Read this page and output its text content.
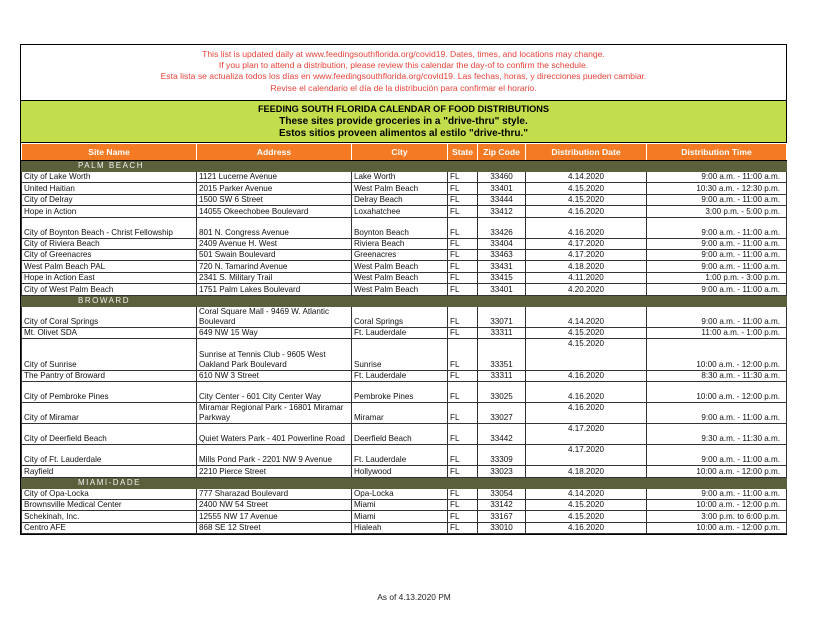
This list is updated daily at www.feedingsouthflorida.org/covid19. Dates, times, and locations may change.
If you plan to attend a distribution, please review this calendar the day-of to confirm the schedule.
Esta lista se actualiza todos los días en www.feedingsouthflorida.org/covid19. Las fechas, horas, y direcciones pueden cambiar.
Revise el calendario el día de la distribución para confirmar el horario.
FEEDING SOUTH FLORIDA CALENDAR OF FOOD DISTRIBUTIONS
These sites provide groceries in a "drive-thru" style.
Estos sitios proveen alimentos al estilo "drive-thru."
Site Name	Address	City	State	Zip Code	Distribution Date	Distribution Time
PALM BEACH						
City of Lake Worth	1121 Lucerne Avenue	Lake Worth	FL	33460	4.14.2020	9:00 a.m. - 11:00 a.m.
United Haitian	2015 Parker Avenue	West Palm Beach	FL	33401	4.15.2020	10:30 a.m. - 12:30 p.m.
City of Delray	1500 SW 6 Street	Delray Beach	FL	33444	4.15.2020	9:00 a.m. - 11:00 a.m.
Hope in Action	14055 Okeechobee Boulevard	Loxahatchee	FL	33412	4.16.2020	3:00 p.m. - 5:00 p.m.
City of Boynton Beach - Christ Fellowship	801 N. Congress Avenue	Boynton Beach	FL	33426	4.16.2020	9:00 a.m. - 11:00 a.m.
City of Riviera Beach	2409 Avenue H. West	Riviera Beach	FL	33404	4.17.2020	9:00 a.m. - 11:00 a.m.
City of Greenacres	501 Swain Boulevard	Greenacres	FL	33463	4.17.2020	9:00 a.m. - 11:00 a.m.
West Palm Beach PAL	720 N. Tamarind Avenue	West Palm Beach	FL	33431	4.18.2020	9:00 a.m. - 11:00 a.m.
Hope in Action East	2341 S. Military Trail	West Palm Beach	FL	33415	4.11.2020	1:00 p.m. - 3:00 p.m.
City of West Palm Beach	1751 Palm Lakes Boulevard	West Palm Beach	FL	33401	4.20.2020	9:00 a.m. - 11:00 a.m.
BROWARD						
City of Coral Springs	Coral Square Mall - 9469 W. Atlantic Boulevard	Coral Springs	FL	33071	4.14.2020	9:00 a.m. - 11:00 a.m.
Mt. Olivet SDA	649 NW 15 Way	Ft. Lauderdale	FL	33311	4.15.2020	11:00 a.m. - 1:00 p.m.
City of Sunrise	Sunrise at Tennis Club - 9605 West Oakland Park Boulevard	Sunrise	FL	33351	4.15.2020	10:00 a.m. - 12:00 p.m.
The Pantry of Broward	610 NW 3 Street	Ft. Lauderdale	FL	33311	4.16.2020	8:30 a.m. - 11:30 a.m.
City of Pembroke Pines	City Center - 601 City Center Way	Pembroke Pines	FL	33025	4.16.2020	10:00 a.m. - 12:00 p.m.
City of Miramar	Miramar Regional Park - 16801 Miramar Parkway	Miramar	FL	33027	4.16.2020	9:00 a.m. - 11:00 a.m.
City of Deerfield Beach	Quiet Waters Park - 401 Powerline Road	Deerfield Beach	FL	33442	4.17.2020	9:30 a.m. - 11:30 a.m.
City of Ft. Lauderdale	Mills Pond Park - 2201 NW 9 Avenue	Ft. Lauderdale	FL	33309	4.17.2020	9:00 a.m. - 11:00 a.m.
Rayfield	2210 Pierce Street	Hollywood	FL	33023	4.18.2020	10:00 a.m. - 12:00 p.m.
MIAMI-DADE						
City of Opa-Locka	777 Sharazad Boulevard	Opa-Locka	FL	33054	4.14.2020	9:00 a.m. - 11:00 a.m.
Brownsville Medical Center	2400 NW 54 Street	Miami	FL	33142	4.15.2020	10:00 a.m. - 12:00 p.m.
Schekinah, Inc.	12555 NW 17 Avenue	Miami	FL	33167	4.15.2020	3:00 p.m. to 6:00 p.m.
Centro AFE	868 SE 12 Street	Hialeah	FL	33010	4.16.2020	10:00 a.m. - 12:00 p.m.
As of 4.13.2020 PM
